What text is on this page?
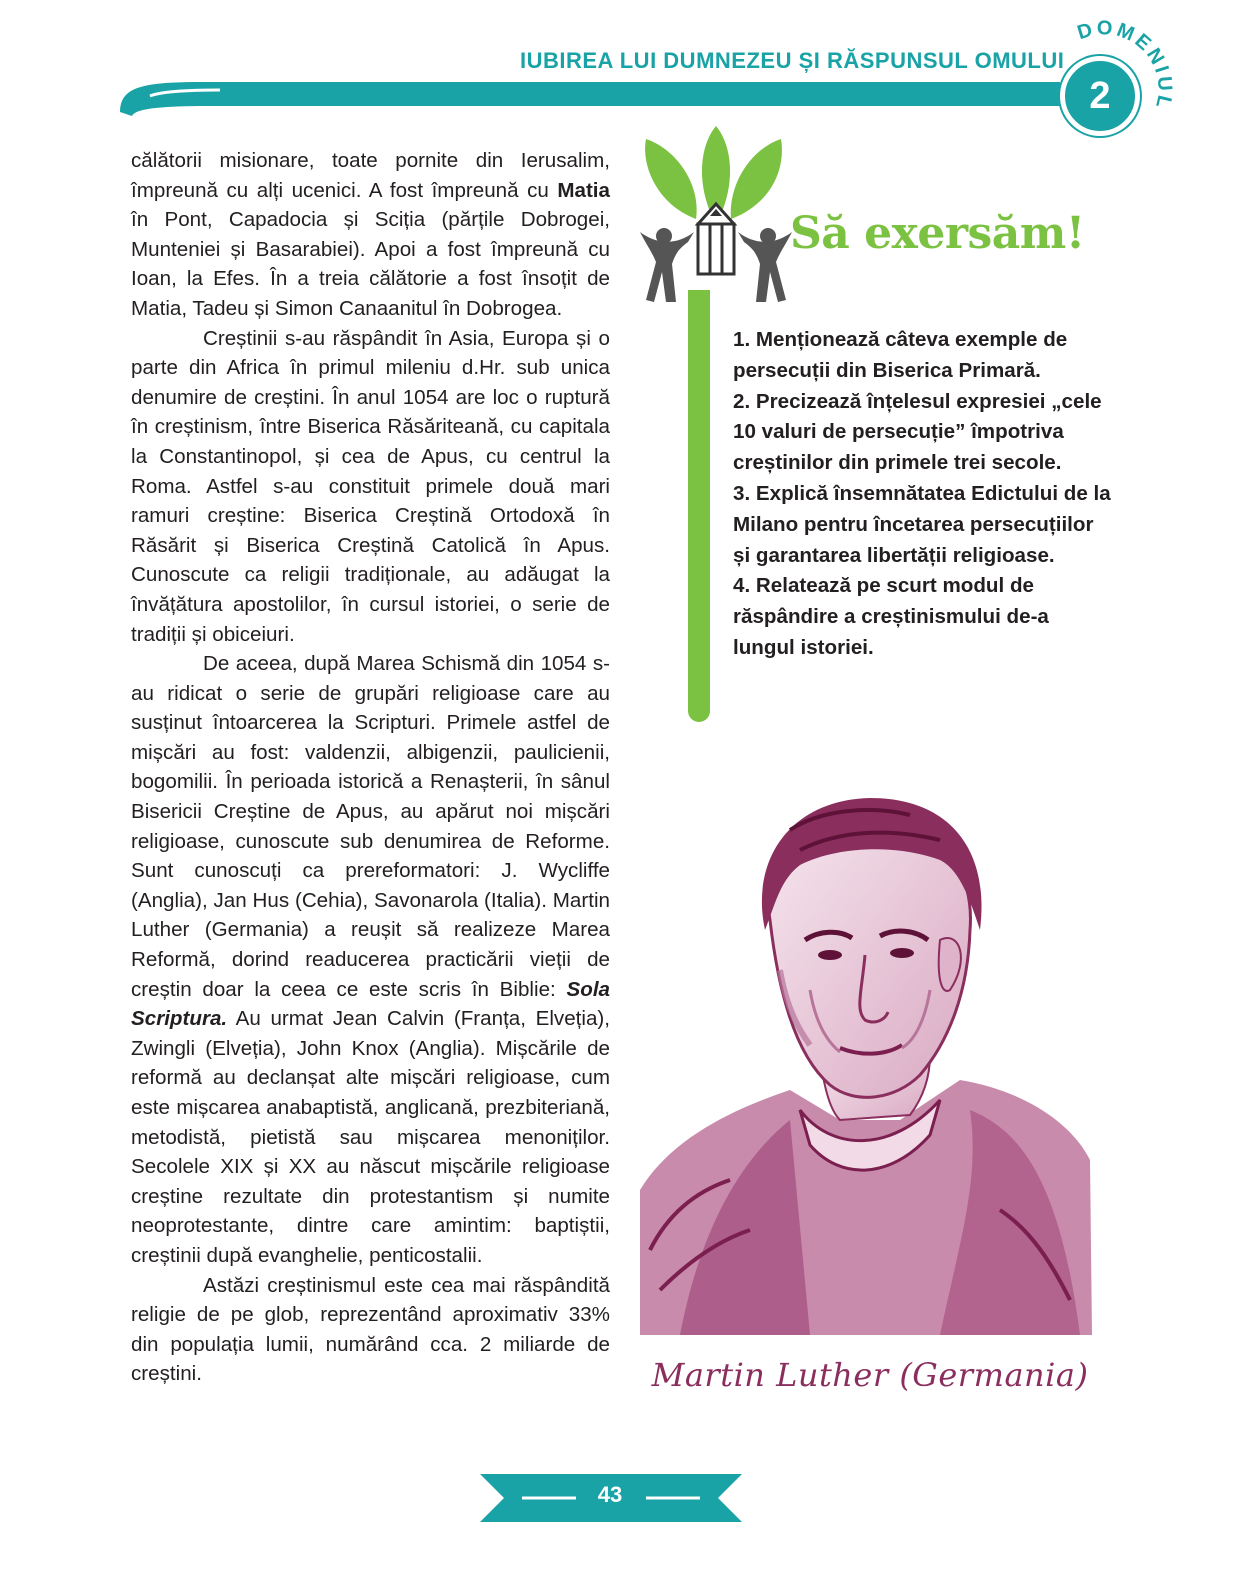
IUBIREA LUI DUMNEZEU ȘI RĂSPUNSUL OMULUI
DOMENIUL
2

călătorii misionare, toate pornite din Ierusalim, împreună cu alți ucenici. A fost împreună cu Matia în Pont, Capadocia și Sciția (părțile Dobrogei, Munteniei și Basarabiei). Apoi a fost împreună cu Ioan, la Efes. În a treia călătorie a fost însoțit de Matia, Tadeu și Simon Canaanitul în Dobrogea.

Creștinii s-au răspândit în Asia, Europa și o parte din Africa în primul mileniu d.Hr. sub unica denumire de creștini. În anul 1054 are loc o ruptură în creștinism, între Biserica Răsăriteană, cu capitala la Constantinopol, și cea de Apus, cu centrul la Roma. Astfel s-au constituit primele două mari ramuri creștine: Biserica Creștină Ortodoxă în Răsărit și Biserica Creștină Catolică în Apus. Cunoscute ca religii tradiționale, au adăugat la învățătura apostolilor, în cursul istoriei, o serie de tradiții și obiceiuri.

De aceea, după Marea Schismă din 1054 s-au ridicat o serie de grupări religioase care au susținut întoarcerea la Scripturi. Primele astfel de mișcări au fost: valdenzii, albigenzii, paulicienii, bogomilii. În perioada istorică a Renașterii, în sânul Bisericii Creștine de Apus, au apărut noi mișcări religioase, cunoscute sub denumirea de Reforme. Sunt cunoscuți ca prereformatori: J. Wycliffe (Anglia), Jan Hus (Cehia), Savonarola (Italia). Martin Luther (Germania) a reușit să realizeze Marea Reformă, dorind readucerea practicării vieții de creștin doar la ceea ce este scris în Biblie: Sola Scriptura. Au urmat Jean Calvin (Franța, Elveția), Zwingli (Elveția), John Knox (Anglia). Mișcările de reformă au declanșat alte mișcări religioase, cum este mișcarea anabaptistă, anglicană, prezbiteriană, metodistă, pietistă sau mișcarea menoniților. Secolele XIX și XX au născut mișcările religioase creștine rezultate din protestantism și numite neoprotestante, dintre care amintim: baptiștii, creștinii după evanghelie, penticostalii.

Astăzi creștinismul este cea mai răspândită religie de pe glob, reprezentând aproximativ 33% din populația lumii, numărând cca. 2 miliarde de creștini.

Să exersăm!
1. Menționează câteva exemple de persecuții din Biserica Primară.
2. Precizează înțelesul expresiei „cele 10 valuri de persecuție” împotriva creștinilor din primele trei secole.
3. Explică însemnătatea Edictului de la Milano pentru încetarea persecuțiilor și garantarea libertății religioase.
4. Relatează pe scurt modul de răspândire a creștinismului de-a lungul istoriei.
Martin Luther (Germania)
43
